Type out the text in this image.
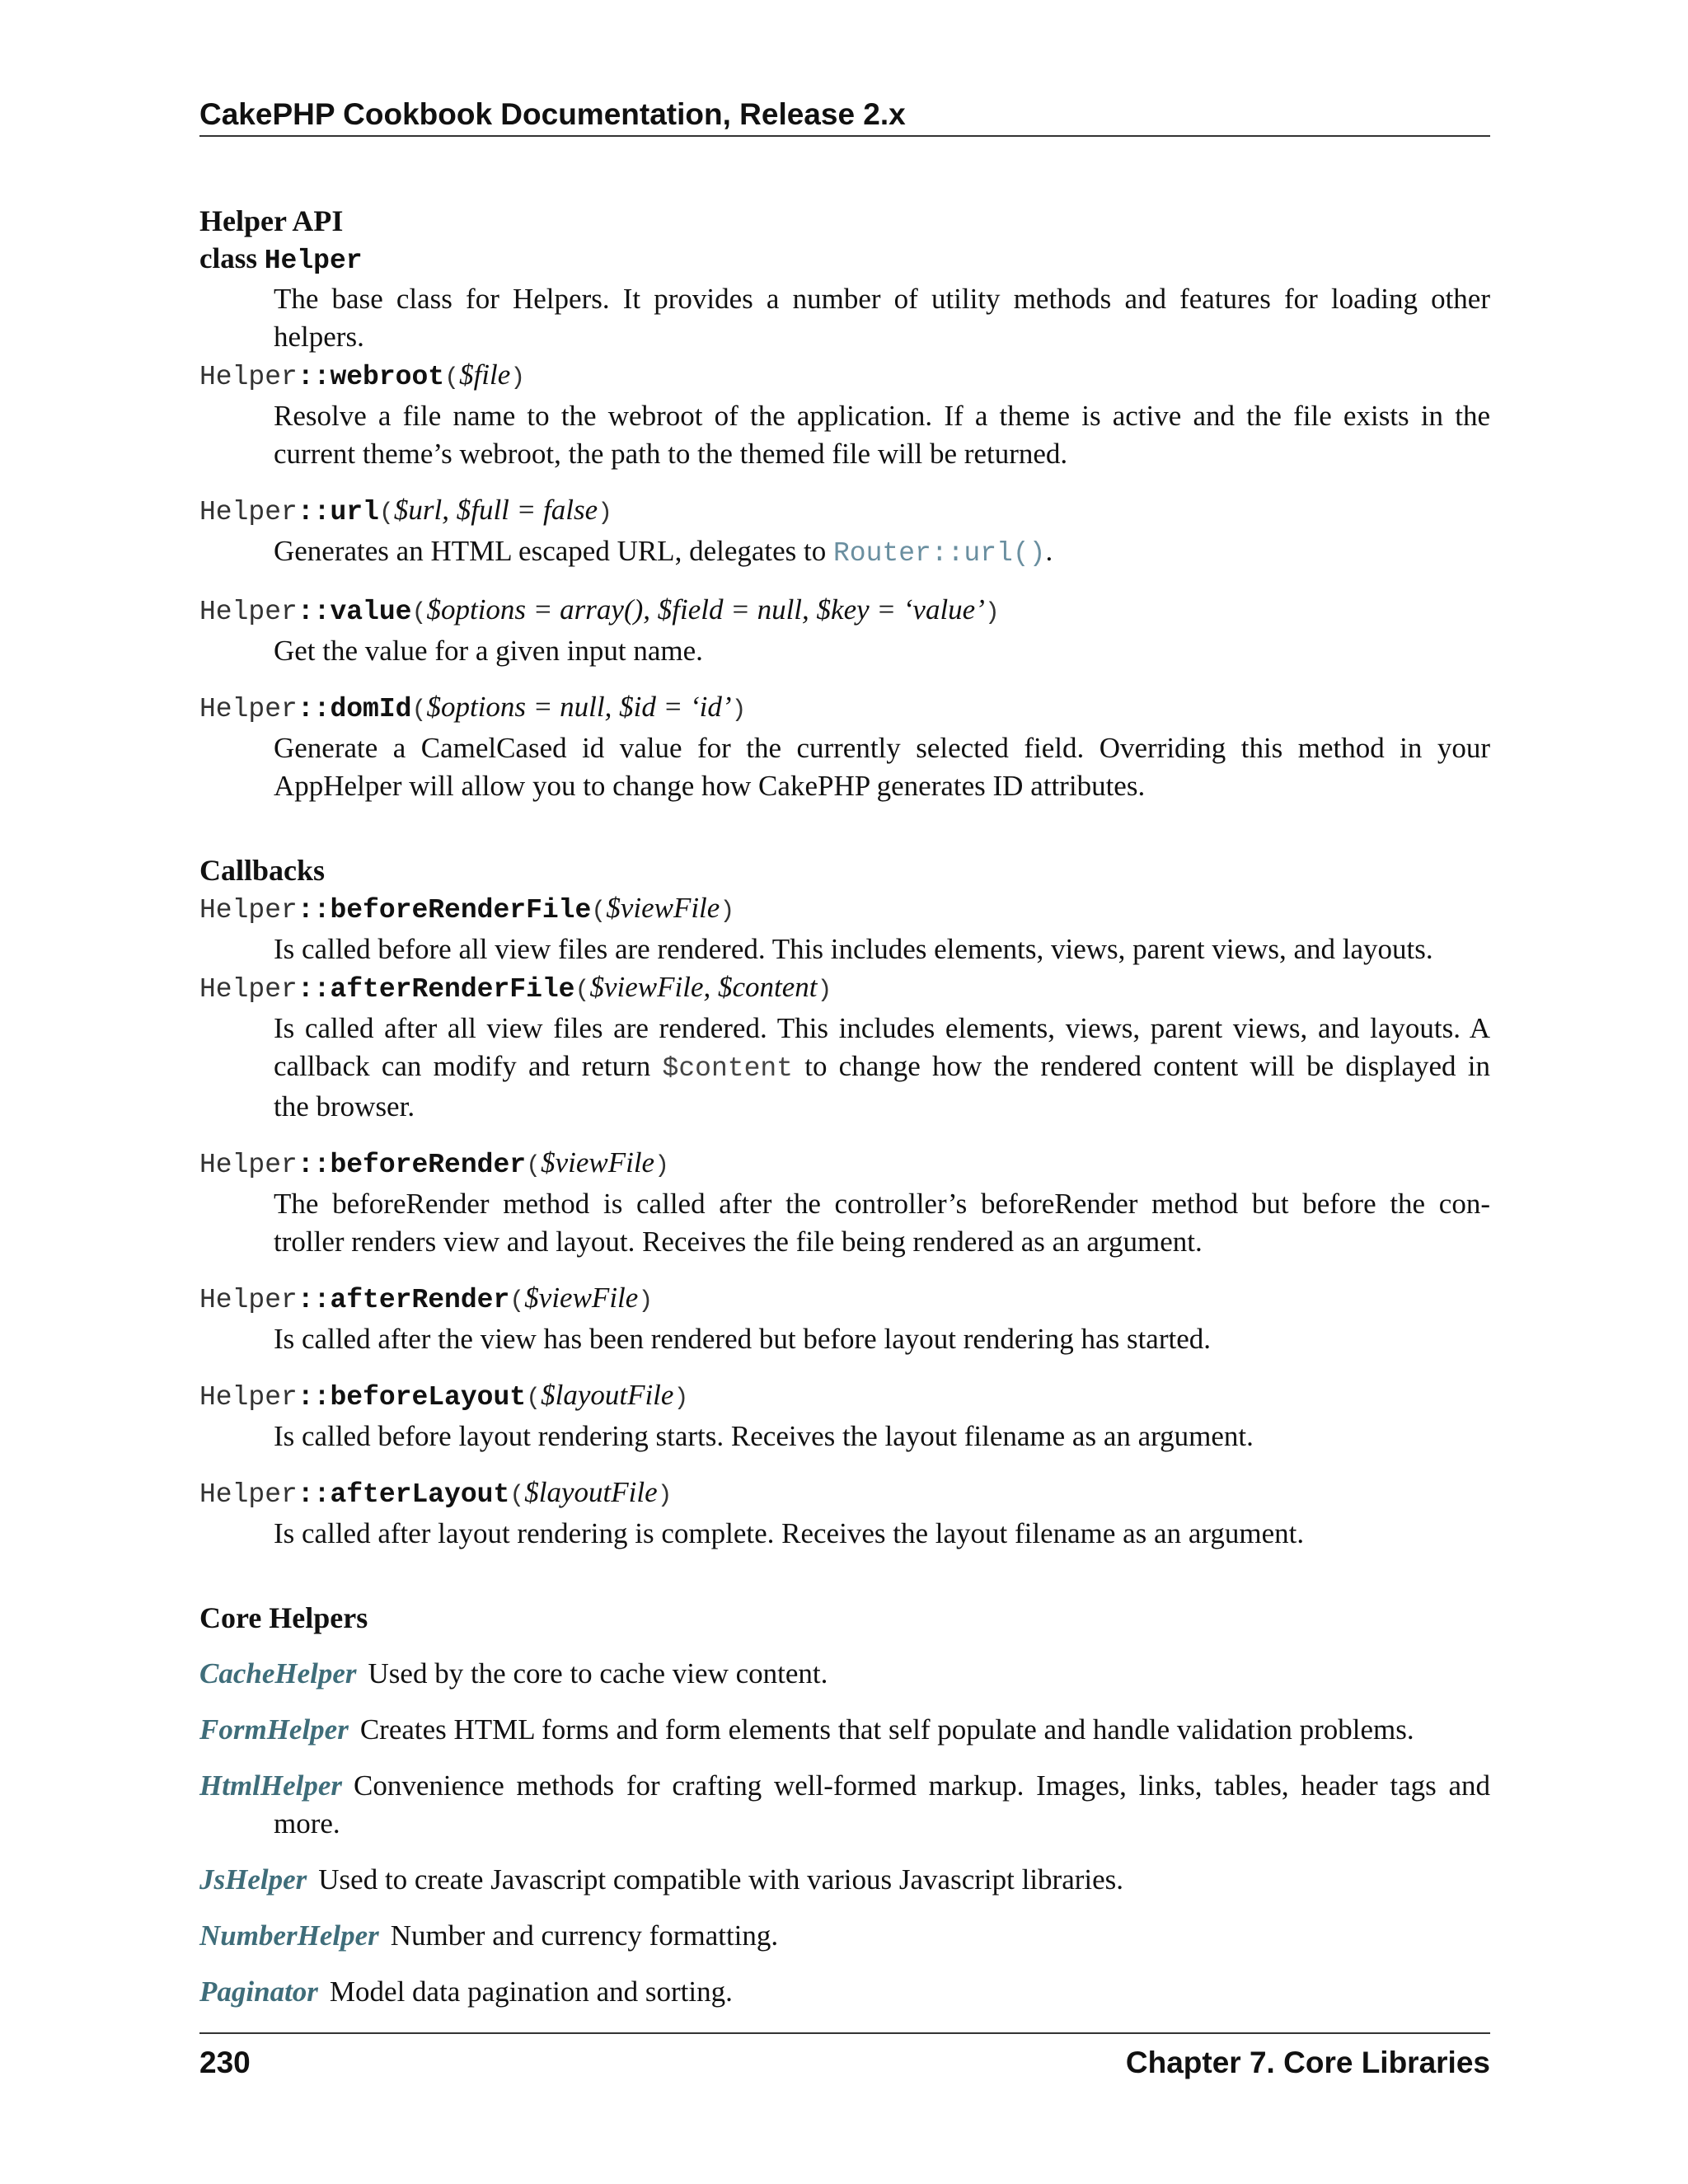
CakePHP Cookbook Documentation, Release 2.x
Helper API
class Helper
The base class for Helpers. It provides a number of utility methods and features for loading other
helpers.
Helper::webroot($file)
Resolve a file name to the webroot of the application. If a theme is active and the file exists in the
current theme’s webroot, the path to the themed file will be returned.
Helper::url($url, $full = false)
Generates an HTML escaped URL, delegates to Router::url().
Helper::value($options = array(), $field = null, $key = ‘value’)
Get the value for a given input name.
Helper::domId($options = null, $id = ‘id’)
Generate a CamelCased id value for the currently selected field. Overriding this method in your
AppHelper will allow you to change how CakePHP generates ID attributes.
Callbacks
Helper::beforeRenderFile($viewFile)
Is called before all view files are rendered. This includes elements, views, parent views, and layouts.
Helper::afterRenderFile($viewFile, $content)
Is called after all view files are rendered. This includes elements, views, parent views, and layouts. A
callback can modify and return $content to change how the rendered content will be displayed in
the browser.
Helper::beforeRender($viewFile)
The beforeRender method is called after the controller’s beforeRender method but before the con-
troller renders view and layout. Receives the file being rendered as an argument.
Helper::afterRender($viewFile)
Is called after the view has been rendered but before layout rendering has started.
Helper::beforeLayout($layoutFile)
Is called before layout rendering starts. Receives the layout filename as an argument.
Helper::afterLayout($layoutFile)
Is called after layout rendering is complete. Receives the layout filename as an argument.
Core Helpers
CacheHelper Used by the core to cache view content.
FormHelper Creates HTML forms and form elements that self populate and handle validation problems.
HtmlHelper Convenience methods for crafting well-formed markup. Images, links, tables, header tags and
more.
JsHelper Used to create Javascript compatible with various Javascript libraries.
NumberHelper Number and currency formatting.
Paginator Model data pagination and sorting.
230	Chapter 7. Core Libraries
